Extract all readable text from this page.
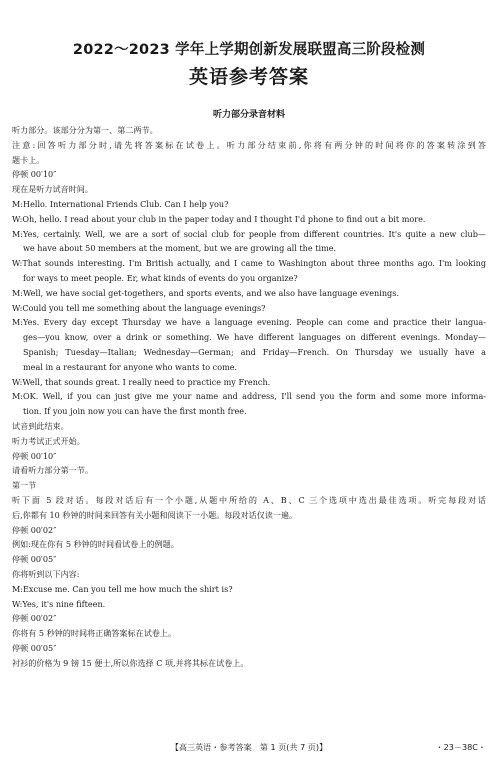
2022～2023 学年上学期创新发展联盟高三阶段检测
英语参考答案
听力部分录音材料
听力部分。该部分分为第一、第二两节。
注意:回答听力部分时,请先将答案标在试卷上。听力部分结束前,你将有两分钟的时间将你的答案转涂到答
题卡上。
停顿 00′10″
现在是听力试音时间。
M:Hello. International Friends Club. Can I help you?
W:Oh, hello. I read about your club in the paper today and I thought I'd phone to find out a bit more.
M:Yes, certainly. Well, we are a sort of social club for people from different countries. It's quite a new club—
we have about 50 members at the moment, but we are growing all the time.
W:That sounds interesting. I'm British actually, and I came to Washington about three months ago. I'm looking
for ways to meet people. Er, what kinds of events do you organize?
M:Well, we have social get-togethers, and sports events, and we also have language evenings.
W:Could you tell me something about the language evenings?
M:Yes. Every day except Thursday we have a language evening. People can come and practice their langua-
ges—you know, over a drink or something. We have different languages on different evenings. Monday—
Spanish; Tuesday—Italian; Wednesday—German; and Friday—French. On Thursday we usually have a
meal in a restaurant for anyone who wants to come.
W:Well, that sounds great. I really need to practice my French.
M:OK. Well, if you can just give me your name and address, I'll send you the form and some more informa-
tion. If you join now you can have the first month free.
试音到此结束。
听力考试正式开始。
停顿 00′10″
请看听力部分第一节。
第一节
听下面 5 段对话。每段对话后有一个小题,从题中所给的 A、B、C 三个选项中选出最佳选项。听完每段对话
后,你都有 10 秒钟的时间来回答有关小题和阅读下一小题。每段对话仅读一遍。
停顿 00′02″
例如:现在你有 5 秒钟的时间看试卷上的例题。
停顿 00′05″
你将听到以下内容:
M:Excuse me. Can you tell me how much the shirt is?
W:Yes, it's nine fifteen.
停顿 00′02″
你将有 5 秒钟的时间将正确答案标在试卷上。
停顿 00′05″
衬衫的价格为 9 镑 15 便士,所以你选择 C 项,并将其标在试卷上。
【高三英语・参考答案　第 1 页(共 7 页)】	・23－38C・
